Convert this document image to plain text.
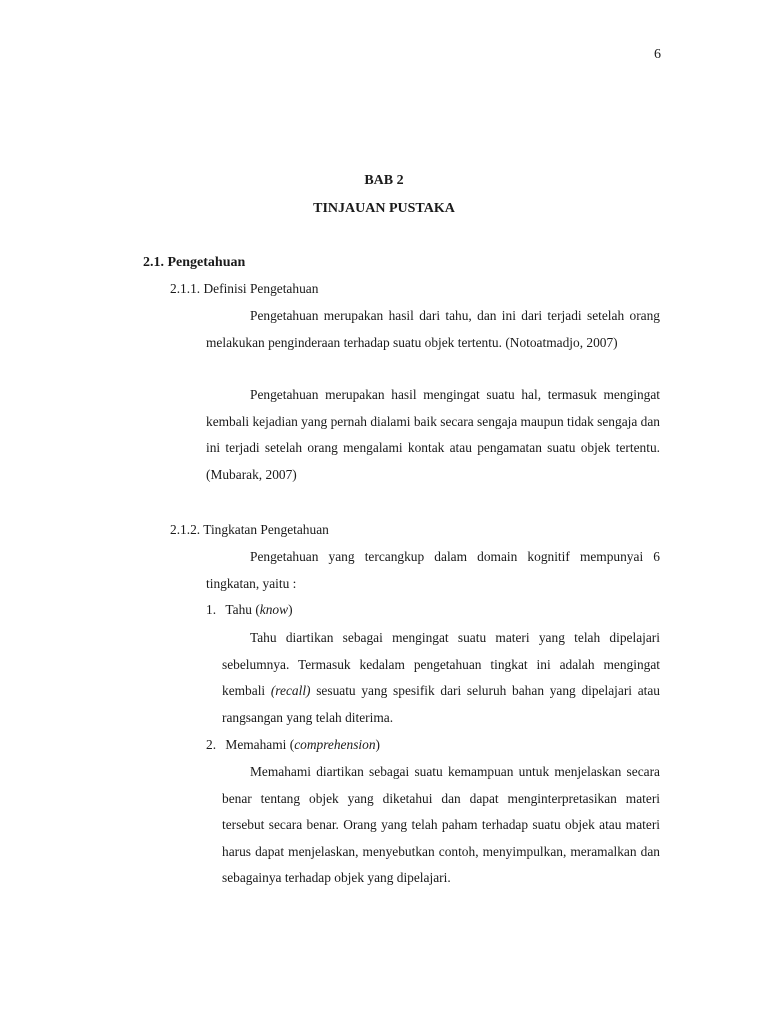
6
BAB 2
TINJAUAN PUSTAKA
2.1. Pengetahuan
2.1.1. Definisi Pengetahuan

Pengetahuan merupakan hasil dari tahu, dan ini dari terjadi setelah orang melakukan penginderaan terhadap suatu objek tertentu. (Notoatmadjo, 2007)

Pengetahuan merupakan hasil mengingat suatu hal, termasuk mengingat kembali kejadian yang pernah dialami baik secara sengaja maupun tidak sengaja dan ini terjadi setelah orang mengalami kontak atau pengamatan suatu objek tertentu. (Mubarak, 2007)

2.1.2. Tingkatan Pengetahuan

Pengetahuan yang tercangkup dalam domain kognitif mempunyai 6 tingkatan, yaitu :

1. Tahu (know)

Tahu diartikan sebagai mengingat suatu materi yang telah dipelajari sebelumnya. Termasuk kedalam pengetahuan tingkat ini adalah mengingat kembali (recall) sesuatu yang spesifik dari seluruh bahan yang dipelajari atau rangsangan yang telah diterima.

2. Memahami (comprehension)

Memahami diartikan sebagai suatu kemampuan untuk menjelaskan secara benar tentang objek yang diketahui dan dapat menginterpretasikan materi tersebut secara benar. Orang yang telah paham terhadap suatu objek atau materi harus dapat menjelaskan, menyebutkan contoh, menyimpulkan, meramalkan dan sebagainya terhadap objek yang dipelajari.
